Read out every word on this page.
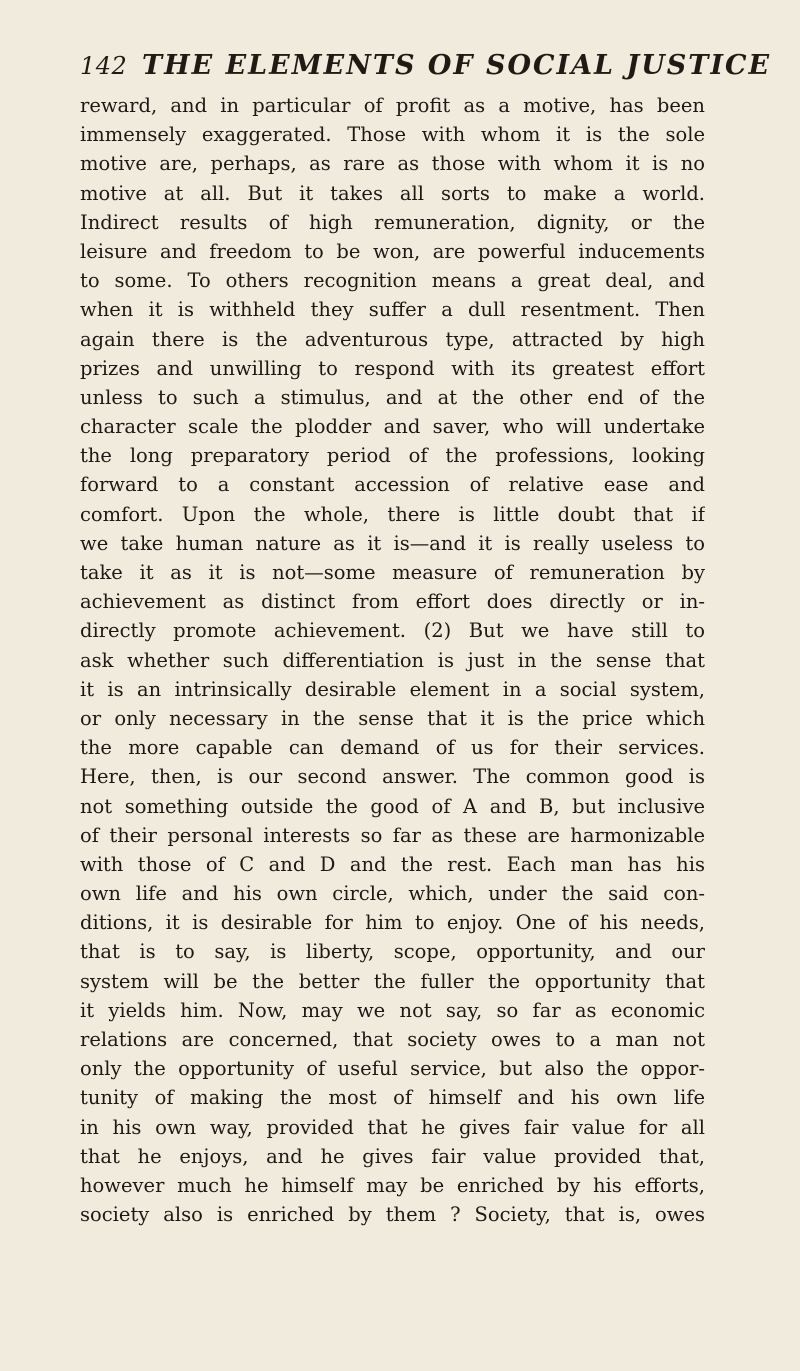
142 THE ELEMENTS OF SOCIAL JUSTICE
reward, and in particular of profit as a motive, has been
immensely exaggerated. Those with whom it is the sole
motive are, perhaps, as rare as those with whom it is no
motive at all. But it takes all sorts to make a world.
Indirect results of high remuneration, dignity, or the
leisure and freedom to be won, are powerful inducements
to some. To others recognition means a great deal, and
when it is withheld they suffer a dull resentment. Then
again there is the adventurous type, attracted by high
prizes and unwilling to respond with its greatest effort
unless to such a stimulus, and at the other end of the
character scale the plodder and saver, who will undertake
the long preparatory period of the professions, looking
forward to a constant accession of relative ease and
comfort. Upon the whole, there is little doubt that if
we take human nature as it is—and it is really useless to
take it as it is not—some measure of remuneration by
achievement as distinct from effort does directly or in-
directly promote achievement. (2) But we have still to
ask whether such differentiation is just in the sense that
it is an intrinsically desirable element in a social system,
or only necessary in the sense that it is the price which
the more capable can demand of us for their services.
Here, then, is our second answer. The common good is
not something outside the good of A and B, but inclusive
of their personal interests so far as these are harmonizable
with those of C and D and the rest. Each man has his
own life and his own circle, which, under the said con-
ditions, it is desirable for him to enjoy. One of his needs,
that is to say, is liberty, scope, opportunity, and our
system will be the better the fuller the opportunity that
it yields him. Now, may we not say, so far as economic
relations are concerned, that society owes to a man not
only the opportunity of useful service, but also the oppor-
tunity of making the most of himself and his own life
in his own way, provided that he gives fair value for all
that he enjoys, and he gives fair value provided that,
however much he himself may be enriched by his efforts,
society also is enriched by them ? Society, that is, owes
